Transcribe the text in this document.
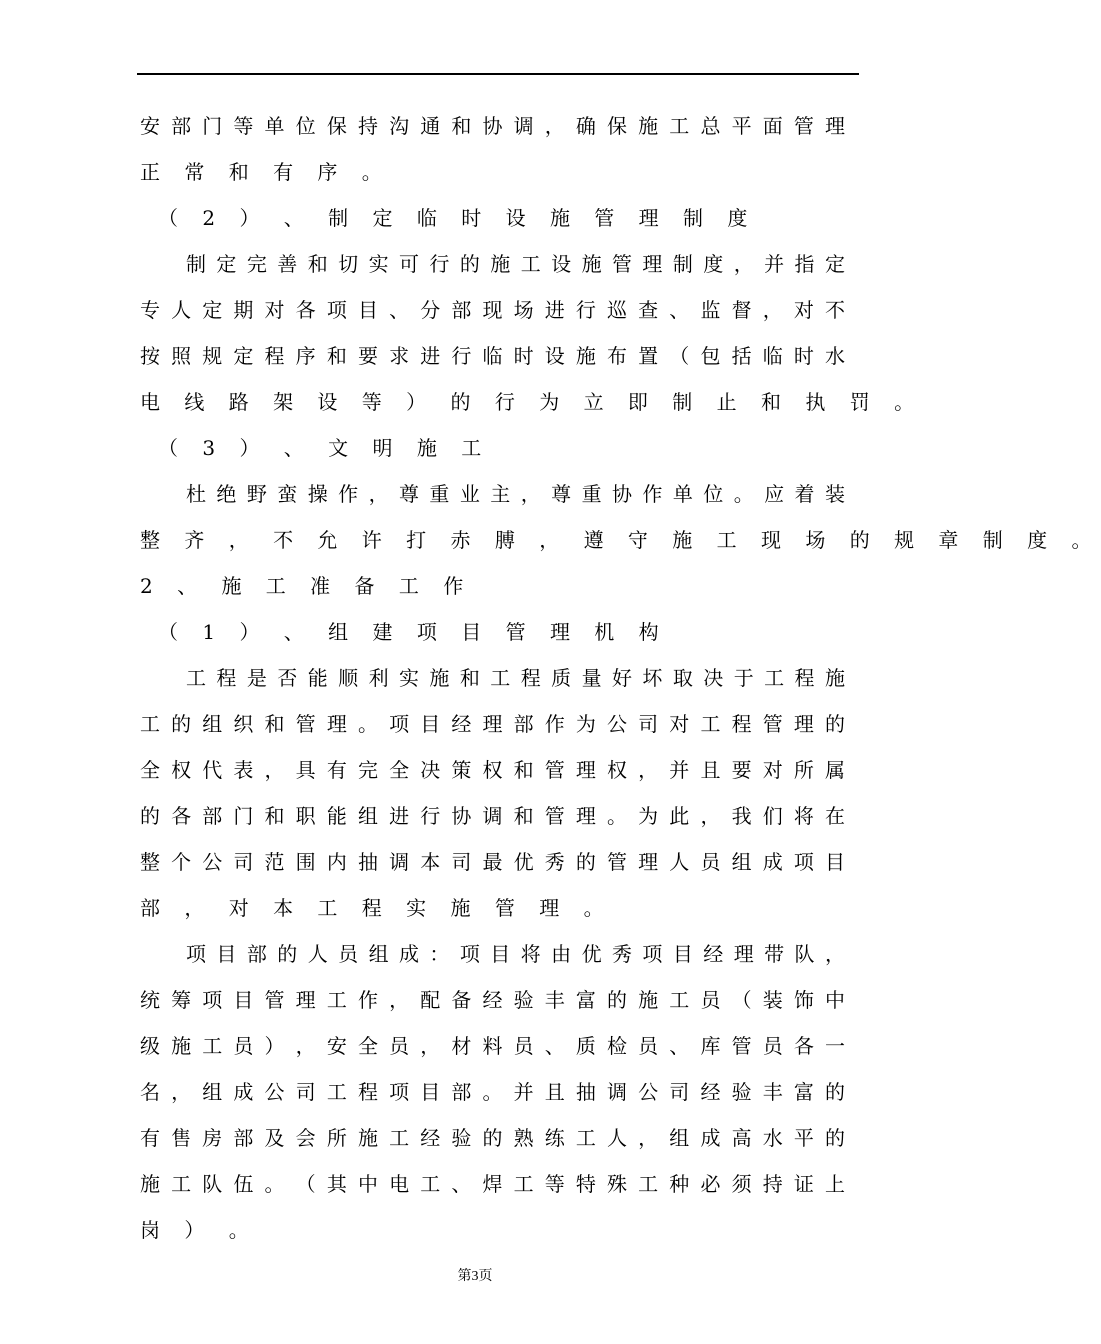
安 部 门 等 单 位 保 持 沟 通 和 协 调 ， 确 保 施 工 总 平 面 管 理
正 常 和 有 序 。
（ 2 ） 、 制 定 临 时 设 施 管 理 制 度
制 定 完 善 和 切 实 可 行 的 施 工 设 施 管 理 制 度 ， 并 指 定
专 人 定 期 对 各 项 目 、 分 部 现 场 进 行 巡 查 、 监 督 ， 对 不
按 照 规 定 程 序 和 要 求 进 行 临 时 设 施 布 置 （ 包 括 临 时 水
电 线 路 架 设 等 ） 的 行 为 立 即 制 止 和 执 罚 。
（ 3 ） 、 文 明 施 工
杜 绝 野 蛮 操 作 ， 尊 重 业 主 ， 尊 重 协 作 单 位 。 应 着 装
整 齐 ， 不 允 许 打 赤 膊 ， 遵 守 施 工 现 场 的 规 章 制 度 。
2 、 施 工 准 备 工 作
（ 1 ） 、 组 建 项 目 管 理 机 构
工 程 是 否 能 顺 利 实 施 和 工 程 质 量 好 坏 取 决 于 工 程 施
工 的 组 织 和 管 理 。 项 目 经 理 部 作 为 公 司 对 工 程 管 理 的
全 权 代 表 ， 具 有 完 全 决 策 权 和 管 理 权 ， 并 且 要 对 所 属
的 各 部 门 和 职 能 组 进 行 协 调 和 管 理 。 为 此 ， 我 们 将 在
整 个 公 司 范 围 内 抽 调 本 司 最 优 秀 的 管 理 人 员 组 成 项 目
部 ， 对 本 工 程 实 施 管 理 。
项 目 部 的 人 员 组 成 ： 项 目 将 由 优 秀 项 目 经 理 带 队 ，
统 筹 项 目 管 理 工 作 ， 配 备 经 验 丰 富 的 施 工 员 （ 装 饰 中
级 施 工 员 ） ， 安 全 员 ， 材 料 员 、 质 检 员 、 库 管 员 各 一
名 ， 组 成 公 司 工 程 项 目 部 。 并 且 抽 调 公 司 经 验 丰 富 的
有 售 房 部 及 会 所 施 工 经 验 的 熟 练 工 人 ， 组 成 高 水 平 的
施 工 队 伍 。 （ 其 中 电 工 、 焊 工 等 特 殊 工 种 必 须 持 证 上
岗 ） 。
第3页
